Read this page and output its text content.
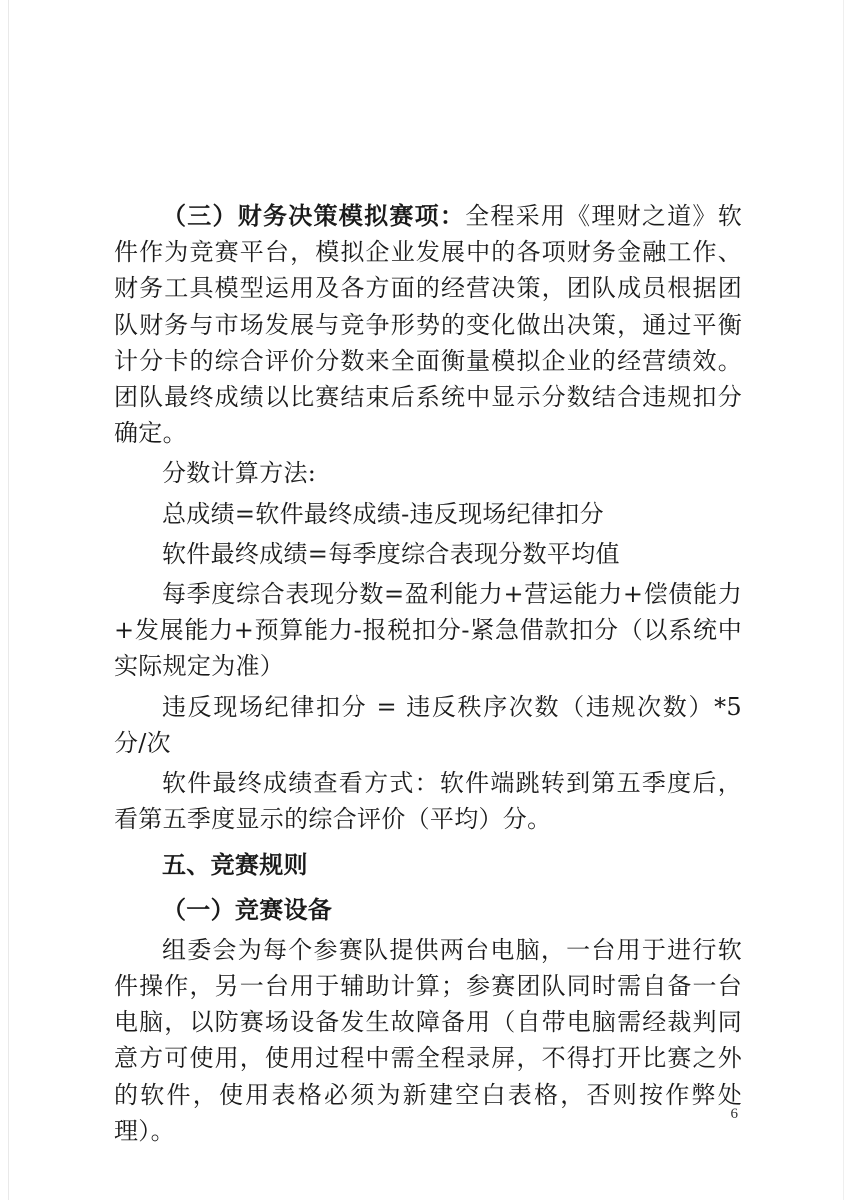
（三）财务决策模拟赛项：全程采用《理财之道》软件作为竞赛平台，模拟企业发展中的各项财务金融工作、财务工具模型运用及各方面的经营决策，团队成员根据团队财务与市场发展与竞争形势的变化做出决策，通过平衡计分卡的综合评价分数来全面衡量模拟企业的经营绩效。团队最终成绩以比赛结束后系统中显示分数结合违规扣分确定。

分数计算方法:

总成绩=软件最终成绩-违反现场纪律扣分

软件最终成绩=每季度综合表现分数平均值

每季度综合表现分数=盈利能力+营运能力+偿债能力+发展能力+预算能力-报税扣分-紧急借款扣分（以系统中实际规定为准）

违反现场纪律扣分 = 违反秩序次数（违规次数）*5分/次

软件最终成绩查看方式：软件端跳转到第五季度后，看第五季度显示的综合评价（平均）分。

五、竞赛规则

（一）竞赛设备

组委会为每个参赛队提供两台电脑，一台用于进行软件操作，另一台用于辅助计算；参赛团队同时需自备一台电脑，以防赛场设备发生故障备用（自带电脑需经裁判同意方可使用，使用过程中需全程录屏，不得打开比赛之外的软件，使用表格必须为新建空白表格，否则按作弊处理）。

6
